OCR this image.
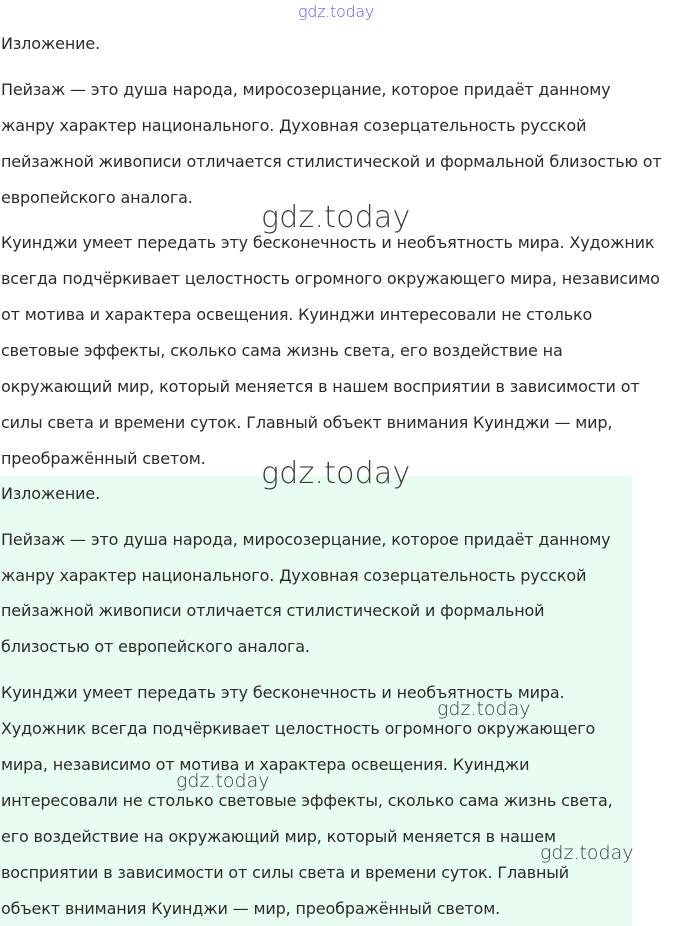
Изложение.
Пейзаж — это душа народа, миросозерцание, которое придаёт данному
жанру характер национального. Духовная созерцательность русской
пейзажной живописи отличается стилистической и формальной близостью от
европейского аналога.
Куинджи умеет передать эту бесконечность и необъятность мира. Художник
всегда подчёркивает целостность огромного окружающего мира, независимо
от мотива и характера освещения. Куинджи интересовали не столько
световые эффекты, сколько сама жизнь света, его воздействие на
окружающий мир, который меняется в нашем восприятии в зависимости от
силы света и времени суток. Главный объект внимания Куинджи — мир,
преображённый светом.
Изложение.
Пейзаж — это душа народа, миросозерцание, которое придаёт данному
жанру характер национального. Духовная созерцательность русской
пейзажной живописи отличается стилистической и формальной
близостью от европейского аналога.
Куинджи умеет передать эту бесконечность и необъятность мира.
Художник всегда подчёркивает целостность огромного окружающего
мира, независимо от мотива и характера освещения. Куинджи
интересовали не столько световые эффекты, сколько сама жизнь света,
его воздействие на окружающий мир, который меняется в нашем
восприятии в зависимости от силы света и времени суток. Главный
объект внимания Куинджи — мир, преображённый светом.
gdz.today
gdz.today
gdz.today
gdz.today
gdz.today
gdz.today
